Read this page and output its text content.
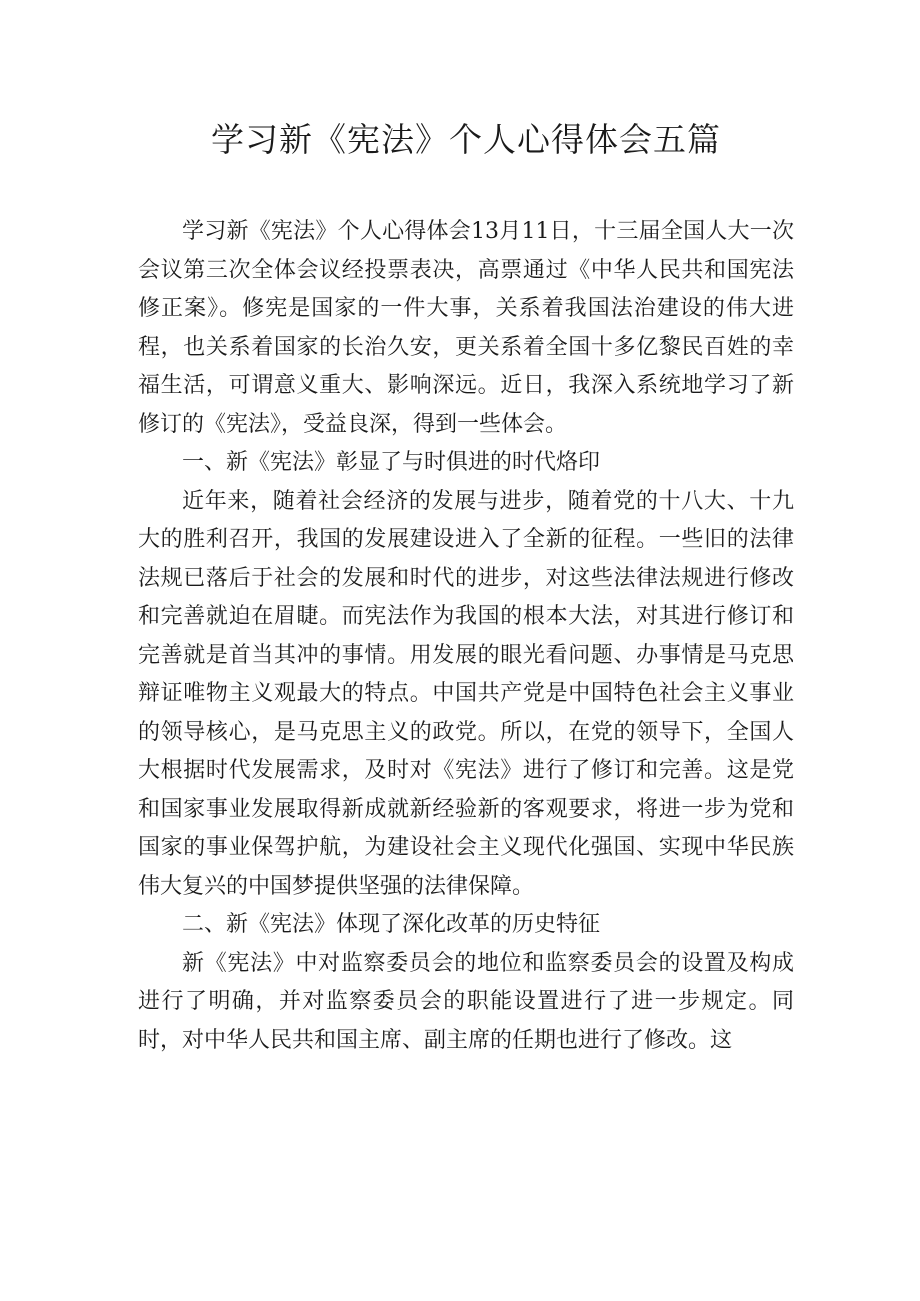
学习新《宪法》个人心得体会五篇

学习新《宪法》个人心得体会13月11日，十三届全国人大一次会议第三次全体会议经投票表决，高票通过《中华人民共和国宪法修正案》。修宪是国家的一件大事，关系着我国法治建设的伟大进程，也关系着国家的长治久安，更关系着全国十多亿黎民百姓的幸福生活，可谓意义重大、影响深远。近日，我深入系统地学习了新修订的《宪法》，受益良深，得到一些体会。

一、新《宪法》彰显了与时俱进的时代烙印

近年来，随着社会经济的发展与进步，随着党的十八大、十九大的胜利召开，我国的发展建设进入了全新的征程。一些旧的法律法规已落后于社会的发展和时代的进步，对这些法律法规进行修改和完善就迫在眉睫。而宪法作为我国的根本大法，对其进行修订和完善就是首当其冲的事情。用发展的眼光看问题、办事情是马克思辩证唯物主义观最大的特点。中国共产党是中国特色社会主义事业的领导核心，是马克思主义的政党。所以，在党的领导下，全国人大根据时代发展需求，及时对《宪法》进行了修订和完善。这是党和国家事业发展取得新成就新经验新的客观要求，将进一步为党和国家的事业保驾护航，为建设社会主义现代化强国、实现中华民族伟大复兴的中国梦提供坚强的法律保障。

二、新《宪法》体现了深化改革的历史特征

新《宪法》中对监察委员会的地位和监察委员会的设置及构成进行了明确，并对监察委员会的职能设置进行了进一步规定。同时，对中华人民共和国主席、副主席的任期也进行了修改。这
